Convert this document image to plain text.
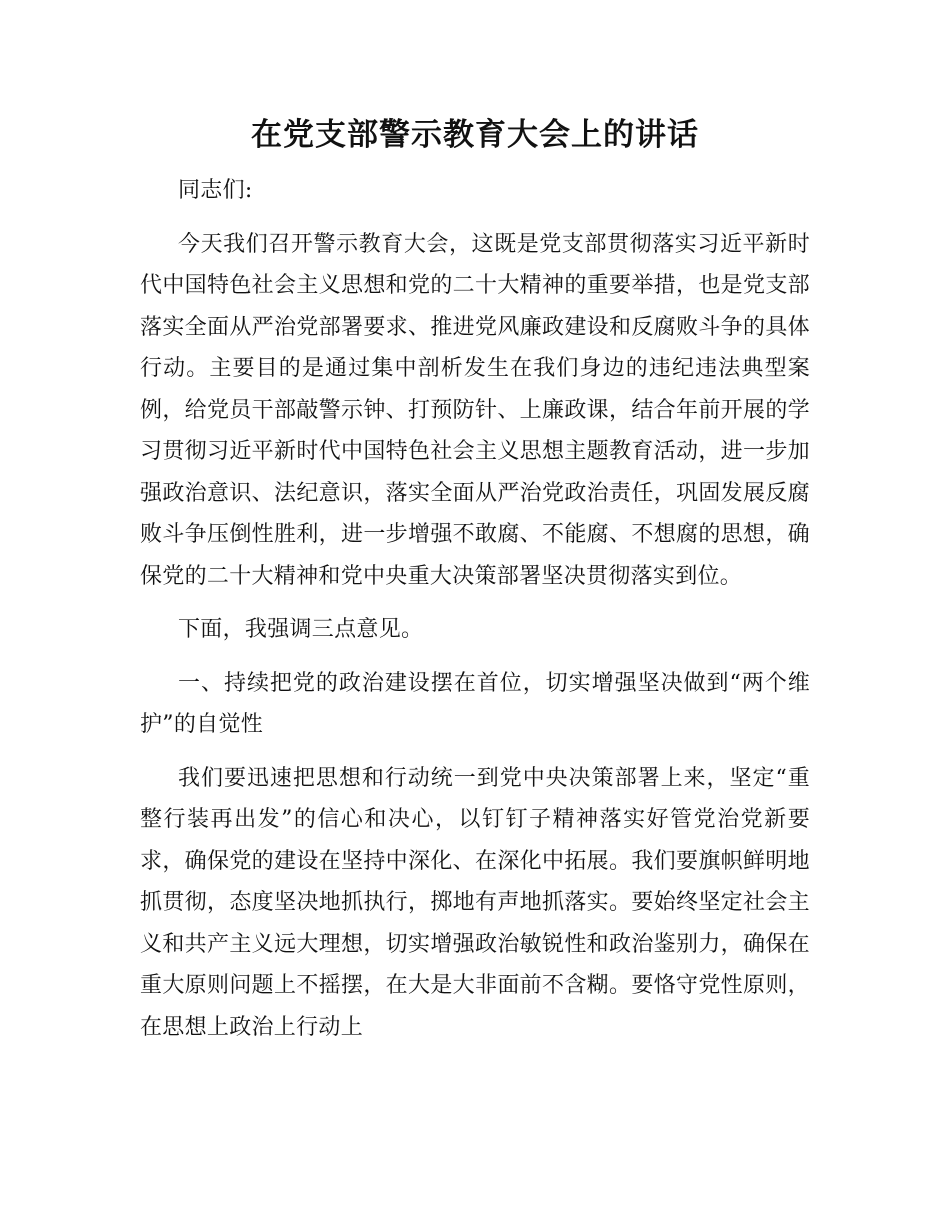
在党支部警示教育大会上的讲话

同志们:

今天我们召开警示教育大会，这既是党支部贯彻落实习近平新时代中国特色社会主义思想和党的二十大精神的重要举措，也是党支部落实全面从严治党部署要求、推进党风廉政建设和反腐败斗争的具体行动。主要目的是通过集中剖析发生在我们身边的违纪违法典型案例，给党员干部敲警示钟、打预防针、上廉政课，结合年前开展的学习贯彻习近平新时代中国特色社会主义思想主题教育活动，进一步加强政治意识、法纪意识，落实全面从严治党政治责任，巩固发展反腐败斗争压倒性胜利，进一步增强不敢腐、不能腐、不想腐的思想，确保党的二十大精神和党中央重大决策部署坚决贯彻落实到位。

下面，我强调三点意见。

一、持续把党的政治建设摆在首位，切实增强坚决做到“两个维护”的自觉性

我们要迅速把思想和行动统一到党中央决策部署上来，坚定“重整行装再出发”的信心和决心，以钉钉子精神落实好管党治党新要求，确保党的建设在坚持中深化、在深化中拓展。我们要旗帜鲜明地抓贯彻，态度坚决地抓执行，掷地有声地抓落实。要始终坚定社会主义和共产主义远大理想，切实增强政治敏锐性和政治鉴别力，确保在重大原则问题上不摇摆，在大是大非面前不含糊。要恪守党性原则，在思想上政治上行动上
